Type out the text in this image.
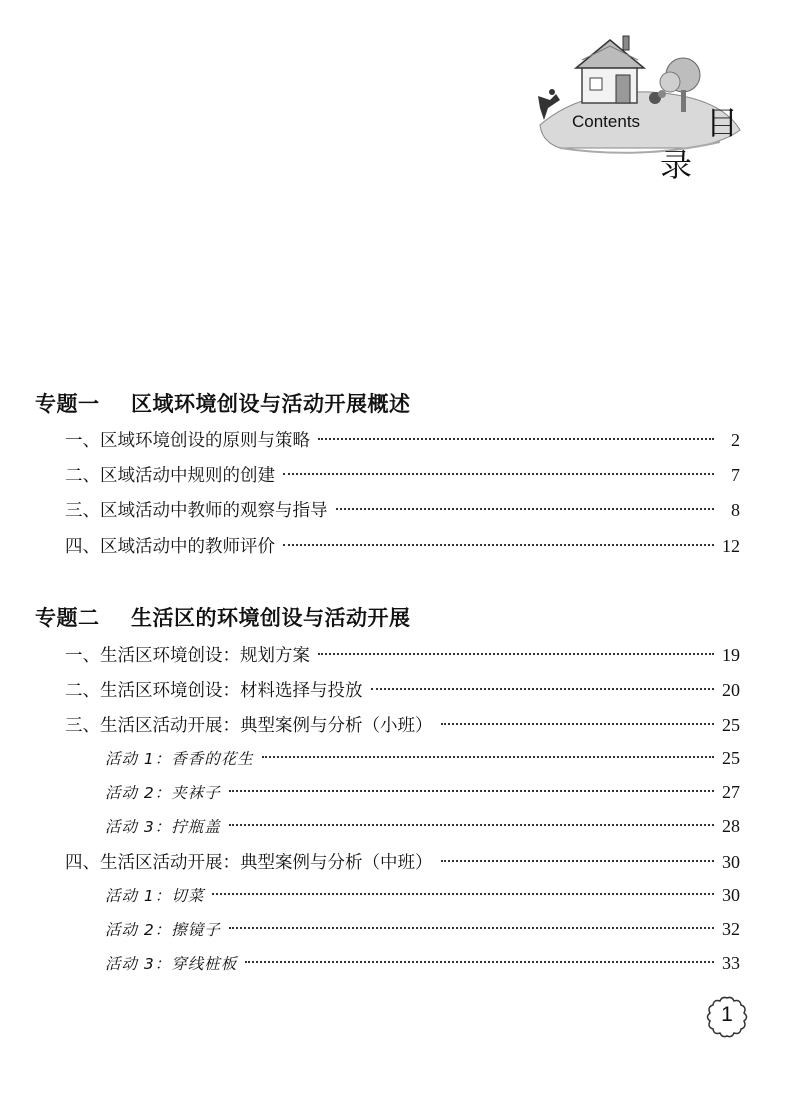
Contents 目
录
专题一 区域环境创设与活动开展概述
一、区域环境创设的原则与策略	2
二、区域活动中规则的创建	7
三、区域活动中教师的观察与指导	8
四、区域活动中的教师评价	12
专题二 生活区的环境创设与活动开展
一、生活区环境创设：规划方案	19
二、生活区环境创设：材料选择与投放	20
三、生活区活动开展：典型案例与分析（小班）	25
活动 1：香香的花生	25
活动 2：夹袜子	27
活动 3：拧瓶盖	28
四、生活区活动开展：典型案例与分析（中班）	30
活动 1：切菜	30
活动 2：擦镜子	32
活动 3：穿线桩板	33
1
